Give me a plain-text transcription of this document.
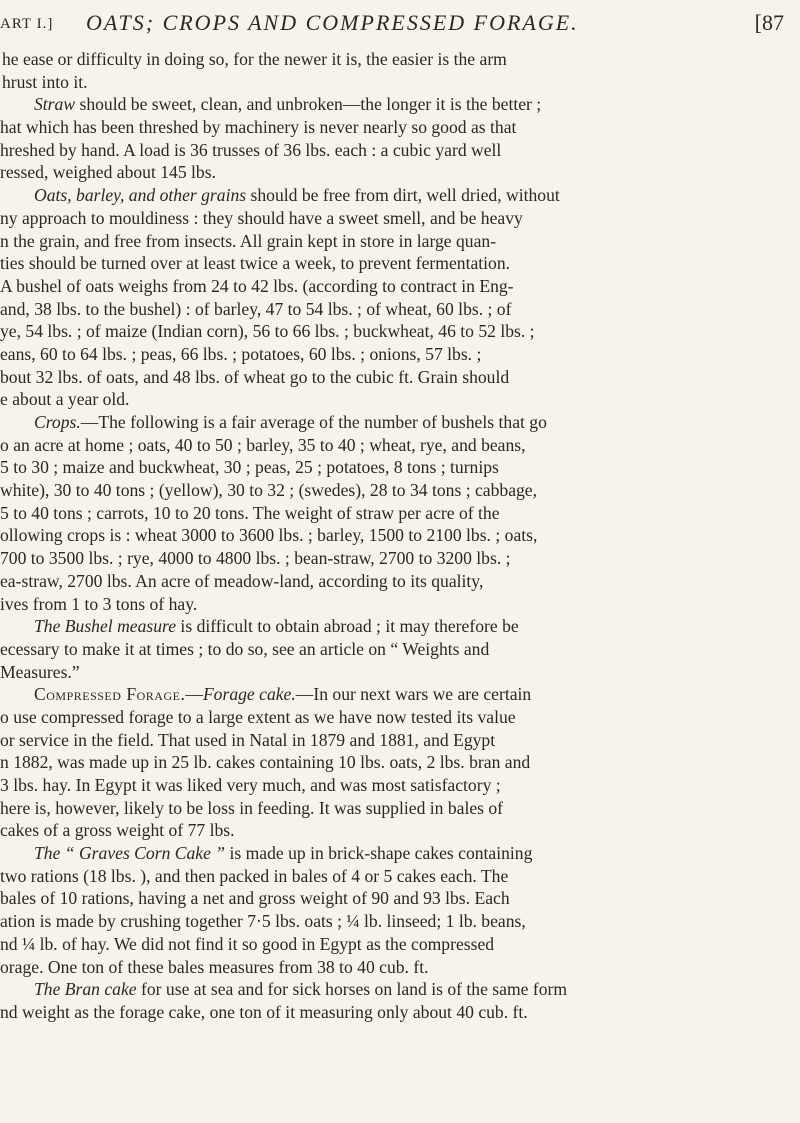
ART I.] OATS; CROPS AND COMPRESSED FORAGE.	[87
he ease or difficulty in doing so, for the newer it is, the easier is the arm
hrust into it.
Straw should be sweet, clean, and unbroken—the longer it is the better ;
hat which has been threshed by machinery is never nearly so good as that
hreshed by hand. A load is 36 trusses of 36 lbs. each : a cubic yard well
ressed, weighed about 145 lbs.
Oats, barley, and other grains should be free from dirt, well dried, without
ny approach to mouldiness : they should have a sweet smell, and be heavy
n the grain, and free from insects. All grain kept in store in large quan-
ties should be turned over at least twice a week, to prevent fermentation.
A bushel of oats weighs from 24 to 42 lbs. (according to contract in Eng-
and, 38 lbs. to the bushel) : of barley, 47 to 54 lbs. ; of wheat, 60 lbs. ; of
ye, 54 lbs. ; of maize (Indian corn), 56 to 66 lbs. ; buckwheat, 46 to 52 lbs. ;
eans, 60 to 64 lbs. ; peas, 66 lbs. ; potatoes, 60 lbs. ; onions, 57 lbs. ;
bout 32 lbs. of oats, and 48 lbs. of wheat go to the cubic ft. Grain should
e about a year old.
Crops.—The following is a fair average of the number of bushels that go
o an acre at home ; oats, 40 to 50 ; barley, 35 to 40 ; wheat, rye, and beans,
5 to 30 ; maize and buckwheat, 30 ; peas, 25 ; potatoes, 8 tons ; turnips
white), 30 to 40 tons ; (yellow), 30 to 32 ; (swedes), 28 to 34 tons ; cabbage,
5 to 40 tons ; carrots, 10 to 20 tons. The weight of straw per acre of the
ollowing crops is : wheat 3000 to 3600 lbs. ; barley, 1500 to 2100 lbs. ; oats,
700 to 3500 lbs. ; rye, 4000 to 4800 lbs. ; bean-straw, 2700 to 3200 lbs. ;
ea-straw, 2700 lbs. An acre of meadow-land, according to its quality,
ives from 1 to 3 tons of hay.
The Bushel measure is difficult to obtain abroad ; it may therefore be
ecessary to make it at times ; to do so, see an article on “ Weights and
Measures.”
Compressed Forage.—Forage cake.—In our next wars we are certain
o use compressed forage to a large extent as we have now tested its value
or service in the field. That used in Natal in 1879 and 1881, and Egypt
n 1882, was made up in 25 lb. cakes containing 10 lbs. oats, 2 lbs. bran and
3 lbs. hay. In Egypt it was liked very much, and was most satisfactory ;
here is, however, likely to be loss in feeding. It was supplied in bales of
cakes of a gross weight of 77 lbs.
The “ Graves Corn Cake ” is made up in brick-shape cakes containing
two rations (18 lbs. ), and then packed in bales of 4 or 5 cakes each. The
bales of 10 rations, having a net and gross weight of 90 and 93 lbs. Each
ation is made by crushing together 7·5 lbs. oats ; ¼ lb. linseed; 1 lb. beans,
nd ¼ lb. of hay. We did not find it so good in Egypt as the compressed
orage. One ton of these bales measures from 38 to 40 cub. ft.
The Bran cake for use at sea and for sick horses on land is of the same form
nd weight as the forage cake, one ton of it measuring only about 40 cub. ft.
